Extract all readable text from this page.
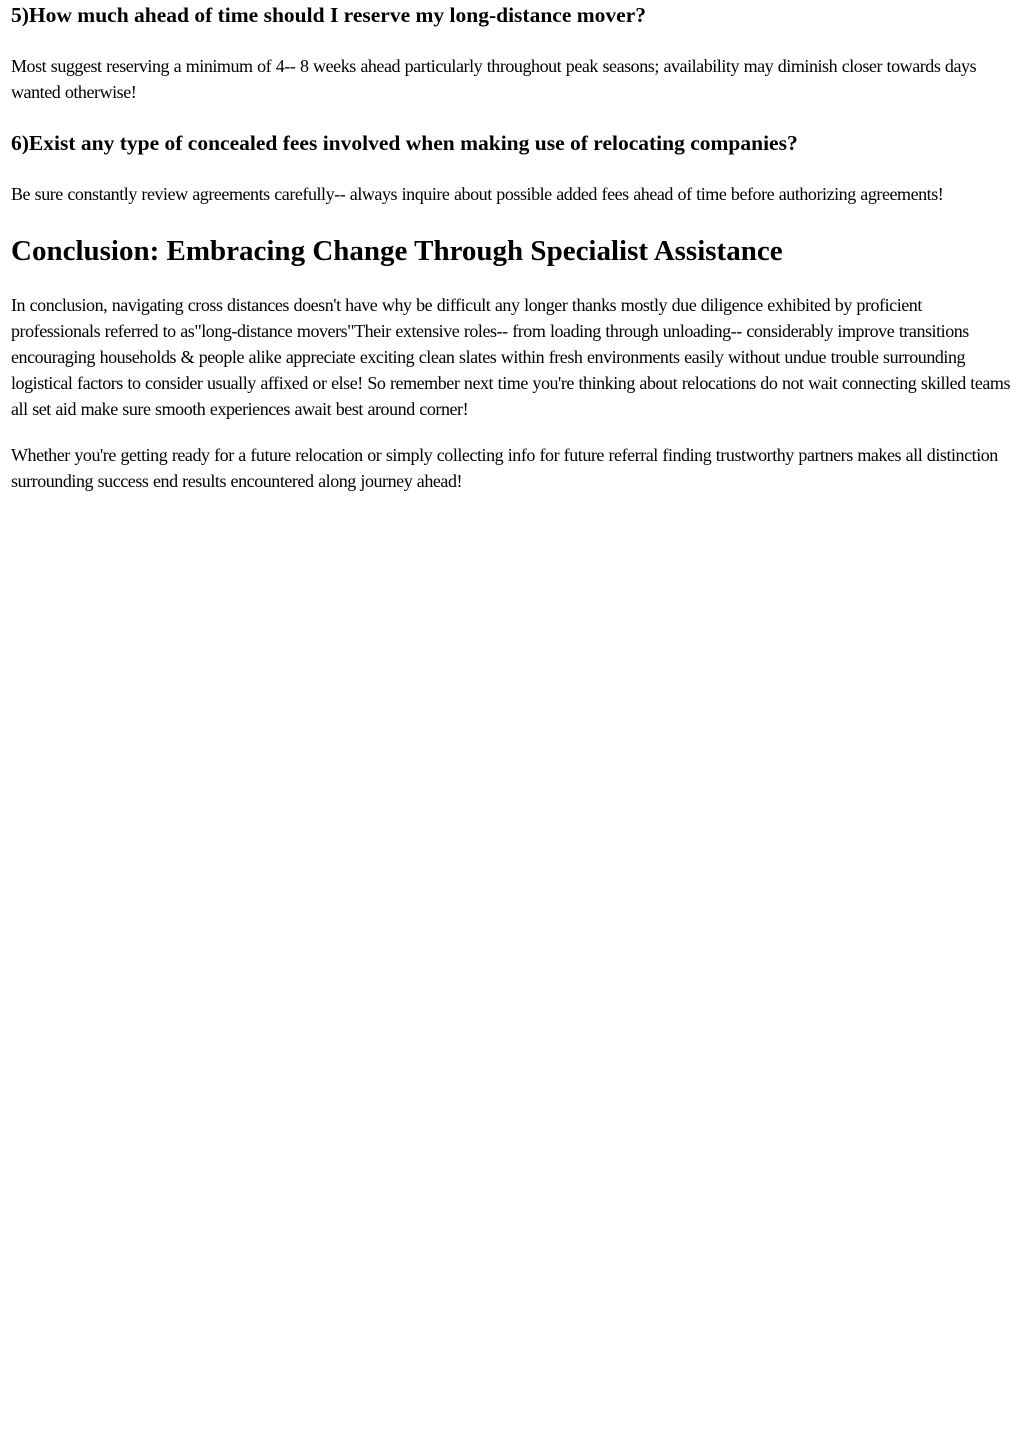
5)How much ahead of time should I reserve my long-distance mover?

Most suggest reserving a minimum of 4-- 8 weeks ahead particularly throughout peak seasons; availability may diminish closer towards days wanted otherwise!

6)Exist any type of concealed fees involved when making use of relocating companies?

Be sure constantly review agreements carefully-- always inquire about possible added fees ahead of time before authorizing agreements!

Conclusion: Embracing Change Through Specialist Assistance

In conclusion, navigating cross distances doesn't have why be difficult any longer thanks mostly due diligence exhibited by proficient professionals referred to as"long-distance movers"Their extensive roles-- from loading through unloading-- considerably improve transitions encouraging households & people alike appreciate exciting clean slates within fresh environments easily without undue trouble surrounding logistical factors to consider usually affixed or else! So remember next time you're thinking about relocations do not wait connecting skilled teams all set aid make sure smooth experiences await best around corner!

Whether you're getting ready for a future relocation or simply collecting info for future referral finding trustworthy partners makes all distinction surrounding success end results encountered along journey ahead!
